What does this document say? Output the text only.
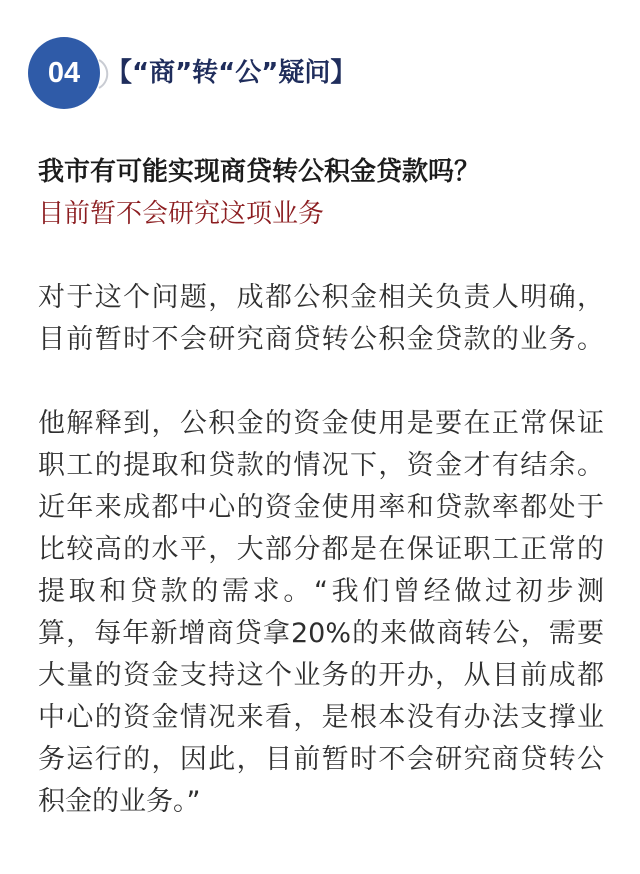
04 【“商”转“公”疑问】
我市有可能实现商贷转公积金贷款吗？
目前暂不会研究这项业务
对于这个问题，成都公积金相关负责人明确，
目前暂时不会研究商贷转公积金贷款的业务。
他解释到，公积金的资金使用是要在正常保证
职工的提取和贷款的情况下，资金才有结余。
近年来成都中心的资金使用率和贷款率都处于
比较高的水平，大部分都是在保证职工正常的
提取和贷款的需求。“我们曾经做过初步测
算，每年新增商贷拿20%的来做商转公，需要
大量的资金支持这个业务的开办，从目前成都
中心的资金情况来看，是根本没有办法支撑业
务运行的，因此，目前暂时不会研究商贷转公
积金的业务。”
